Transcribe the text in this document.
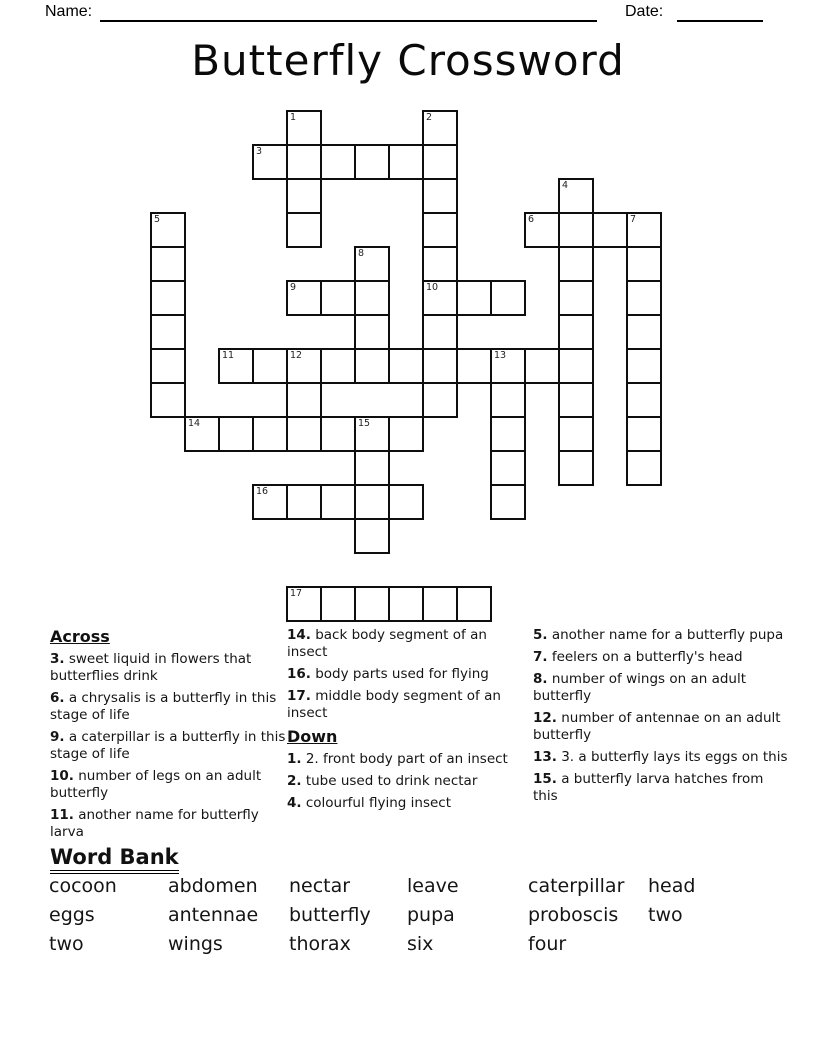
Name:	Date:
Butterfly Crossword
1	2
3
4
5	6	7
8
9	10
11	12	13
14	15
16
17
Across
3. sweet liquid in flowers that butterflies drink
6. a chrysalis is a butterfly in this stage of life
9. a caterpillar is a butterfly in this stage of life
10. number of legs on an adult butterfly
11. another name for butterfly larva
14. back body segment of an insect
16. body parts used for flying
17. middle body segment of an insect
Down
1. 2. front body part of an insect
2. tube used to drink nectar
4. colourful flying insect
5. another name for a butterfly pupa
7. feelers on a butterfly's head
8. number of wings on an adult butterfly
12. number of antennae on an adult butterfly
13. 3. a butterfly lays its eggs on this
15. a butterfly larva hatches from this
Word Bank
cocoon	abdomen	nectar	leave	caterpillar	head
eggs	antennae	butterfly	pupa	proboscis	two
two	wings	thorax	six	four
